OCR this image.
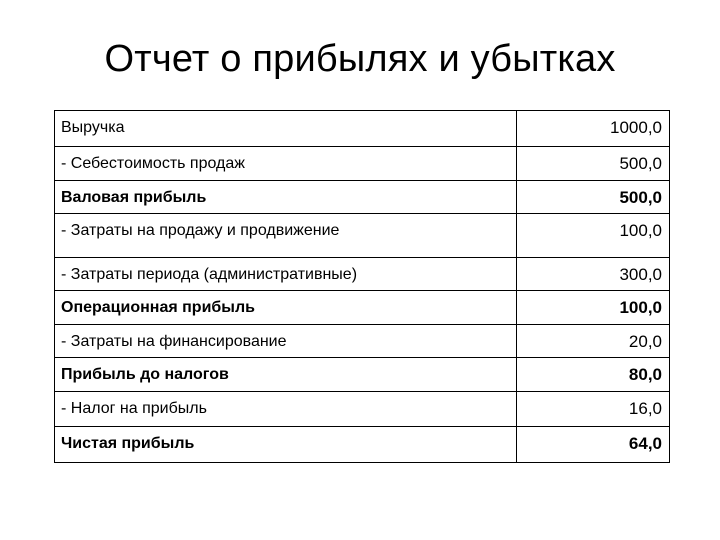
Отчет о прибылях и убытках
Выручка	1000,0
- Себестоимость продаж	500,0
Валовая прибыль	500,0
- Затраты на продажу и продвижение	100,0
- Затраты периода (административные)	300,0
Операционная прибыль	100,0
- Затраты на финансирование	20,0
Прибыль до налогов	80,0
- Налог на прибыль	16,0
Чистая прибыль	64,0
